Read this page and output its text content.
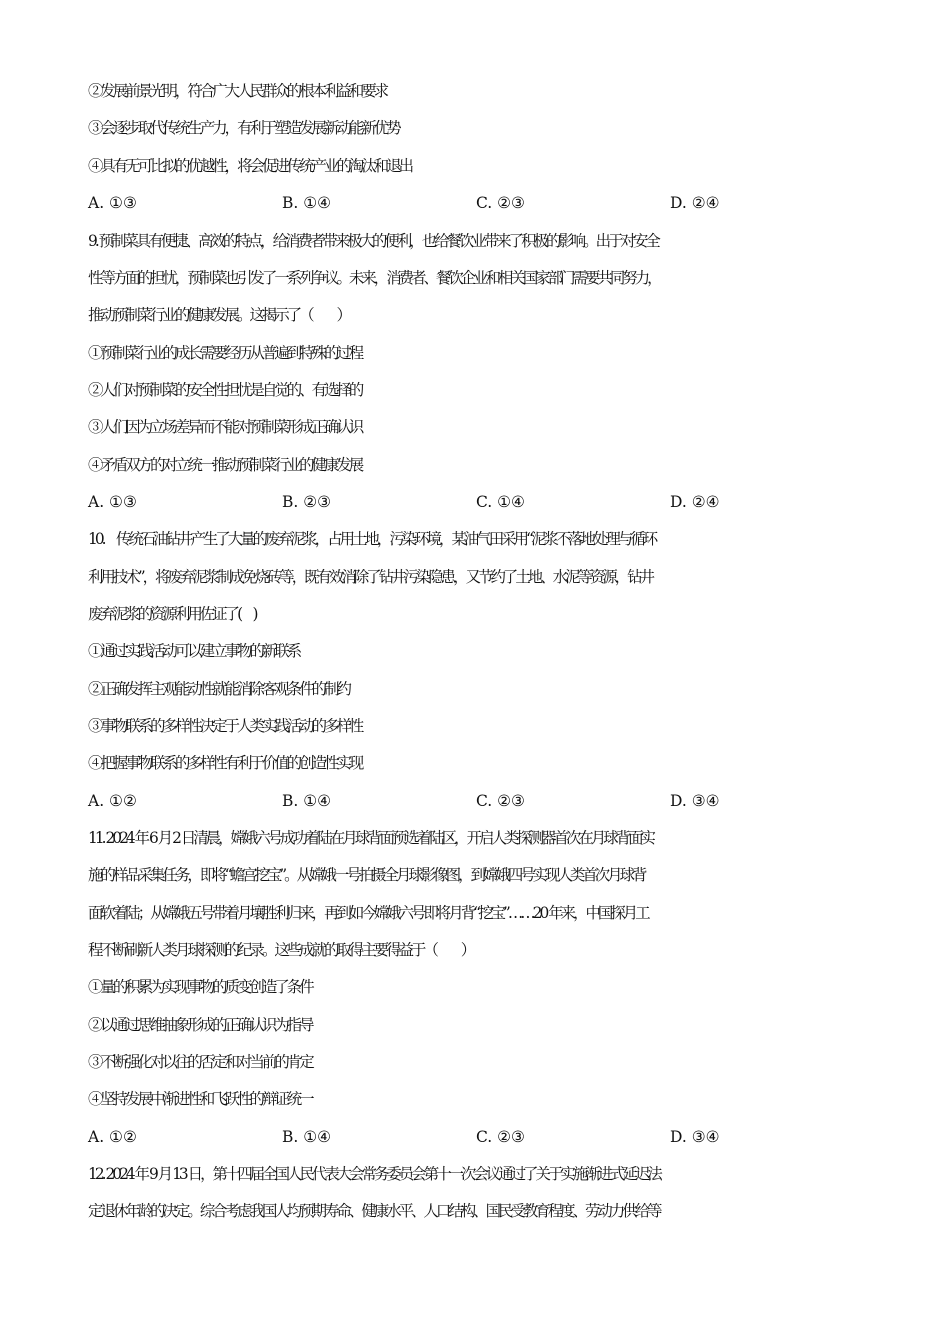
②发展前景光明，符合广大人民群众的根本利益和要求
③会逐步取代传统生产力，有利于塑造发展新动能新优势
④具有无可比拟的优越性，将会促进传统产业的淘汰和退出
A. ①③	B. ①④	C. ②③	D. ②④
9. 预制菜具有便捷、高效的特点，给消费者带来极大的便利，也给餐饮业带来了积极的影响。出于对安全
性等方面的担忧，预制菜也引发了一系列争议。未来，消费者、餐饮企业和相关国家部门需要共同努力，
推动预制菜行业的健康发展。这揭示了（　　）
①预制菜行业的成长需要经历从普遍到特殊的过程
②人们对预制菜的安全性担忧是自觉的、有选择的
③人们因为立场差异而不能对预制菜形成正确认识
④矛盾双方的对立统一推动预制菜行业的健康发展
A. ①③	B. ②③	C. ①④	D. ②④
10.　传统石油钻井产生了大量的废弃泥浆，占用土地，污染环境，某油气田采用“泥浆不落地处理与循环
利用技术”，将废弃泥浆制成免烧砖等，既有效消除了钻井污染隐患，又节约了土地、水泥等资源，钻井
废弃泥浆的资源利用佐证了(　)
①通过实践活动可以建立事物的新联系
②正确发挥主观能动性就能消除客观条件的制约
③事物联系的多样性决定于人类实践活动的多样性
④把握事物联系的多样性有利于价值的创造性实现
A. ①②	B. ①④	C. ②③	D. ③④
11. 2024 年 6 月 2 日清晨，嫦娥六号成功着陆在月球背面预选着陆区，开启人类探测器首次在月球背面实
施的样品采集任务，即将“蟾宫挖宝”。从嫦娥一号拍摄全月球影像图，到嫦娥四号实现人类首次月球背
面软着陆；从嫦娥五号带着月壤胜利归来，再到如今嫦娥六号即将月背“挖宝”……20 年来，中国探月工
程不断刷新人类月球探测的纪录。这些成就的取得主要得益于（　　）
①量的积累为实现事物的质变创造了条件
②以通过思维抽象形成的正确认识为指导
③不断强化对以往的否定和对当前的肯定
④坚持发展中渐进性和飞跃性的辩证统一
A. ①②	B. ①④	C. ②③	D. ③④
12. 2024 年 9 月 13 日，第十四届全国人民代表大会常务委员会第十一次会议通过了关于实施渐进式延迟法
定退休年龄的决定。综合考虑我国人均预期寿命、健康水平、人口结构、国民受教育程度、劳动力供给等
